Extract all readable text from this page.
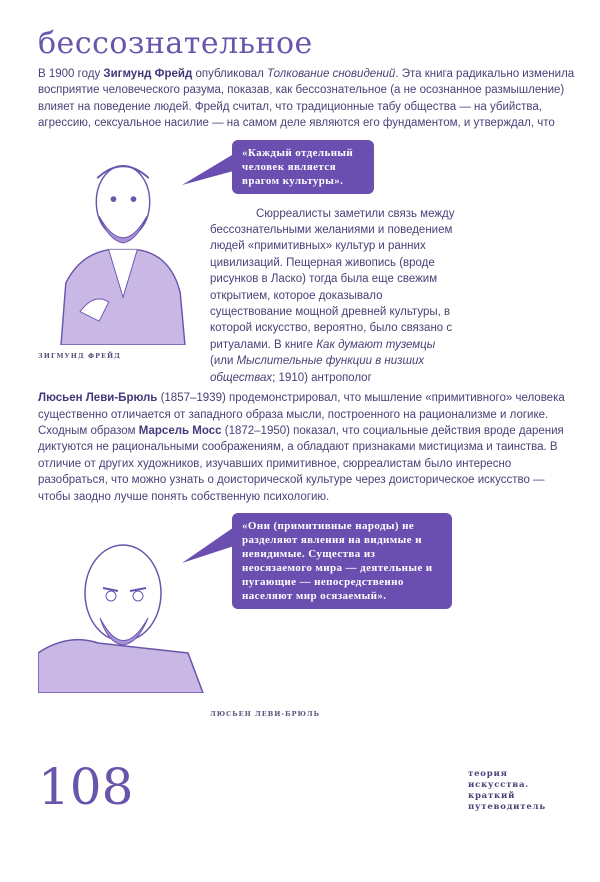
бессознательное
В 1900 году Зигмунд Фрейд опубликовал Толкование сновидений. Эта книга радикально изменила восприятие человеческого разума, показав, как бессознательное (а не осознанное размышление) влияет на поведение людей. Фрейд считал, что традиционные табу общества — на убийства, агрессию, сексуальное насилие — на самом деле являются его фундаментом, и утверждал, что
ЗИГМУНД ФРЕЙД
«Каждый отдельный человек является врагом культуры».
Сюрреалисты заметили связь между бессознательными желаниями и поведением людей «примитивных» культур и ранних цивилизаций. Пещерная живопись (вроде рисунков в Ласко) тогда была еще свежим открытием, которое доказывало существование мощной древней культуры, в которой искусство, вероятно, было связано с ритуалами. В книге Как думают туземцы (или Мыслительные функции в низших обществах; 1910) антрополог
Люсьен Леви-Брюль (1857–1939) продемонстрировал, что мышление «примитивного» человека существенно отличается от западного образа мысли, построенного на рационализме и логике. Сходным образом Марсель Мосс (1872–1950) показал, что социальные действия вроде дарения диктуются не рациональными соображениям, а обладают признаками мистицизма и таинства. В отличие от других художников, изучавших примитивное, сюрреалистам было интересно разобраться, что можно узнать о доисторической культуре через доисторическое искусство — чтобы заодно лучше понять собственную психологию.
«Они (примитивные народы) не разделяют явления на видимые и невидимые. Существа из неосязаемого мира — деятельные и пугающие — непосредственно населяют мир осязаемый».
ЛЮСЬЕН ЛЕВИ-БРЮЛЬ
108	теория
искусства.
краткий
путеводитель
